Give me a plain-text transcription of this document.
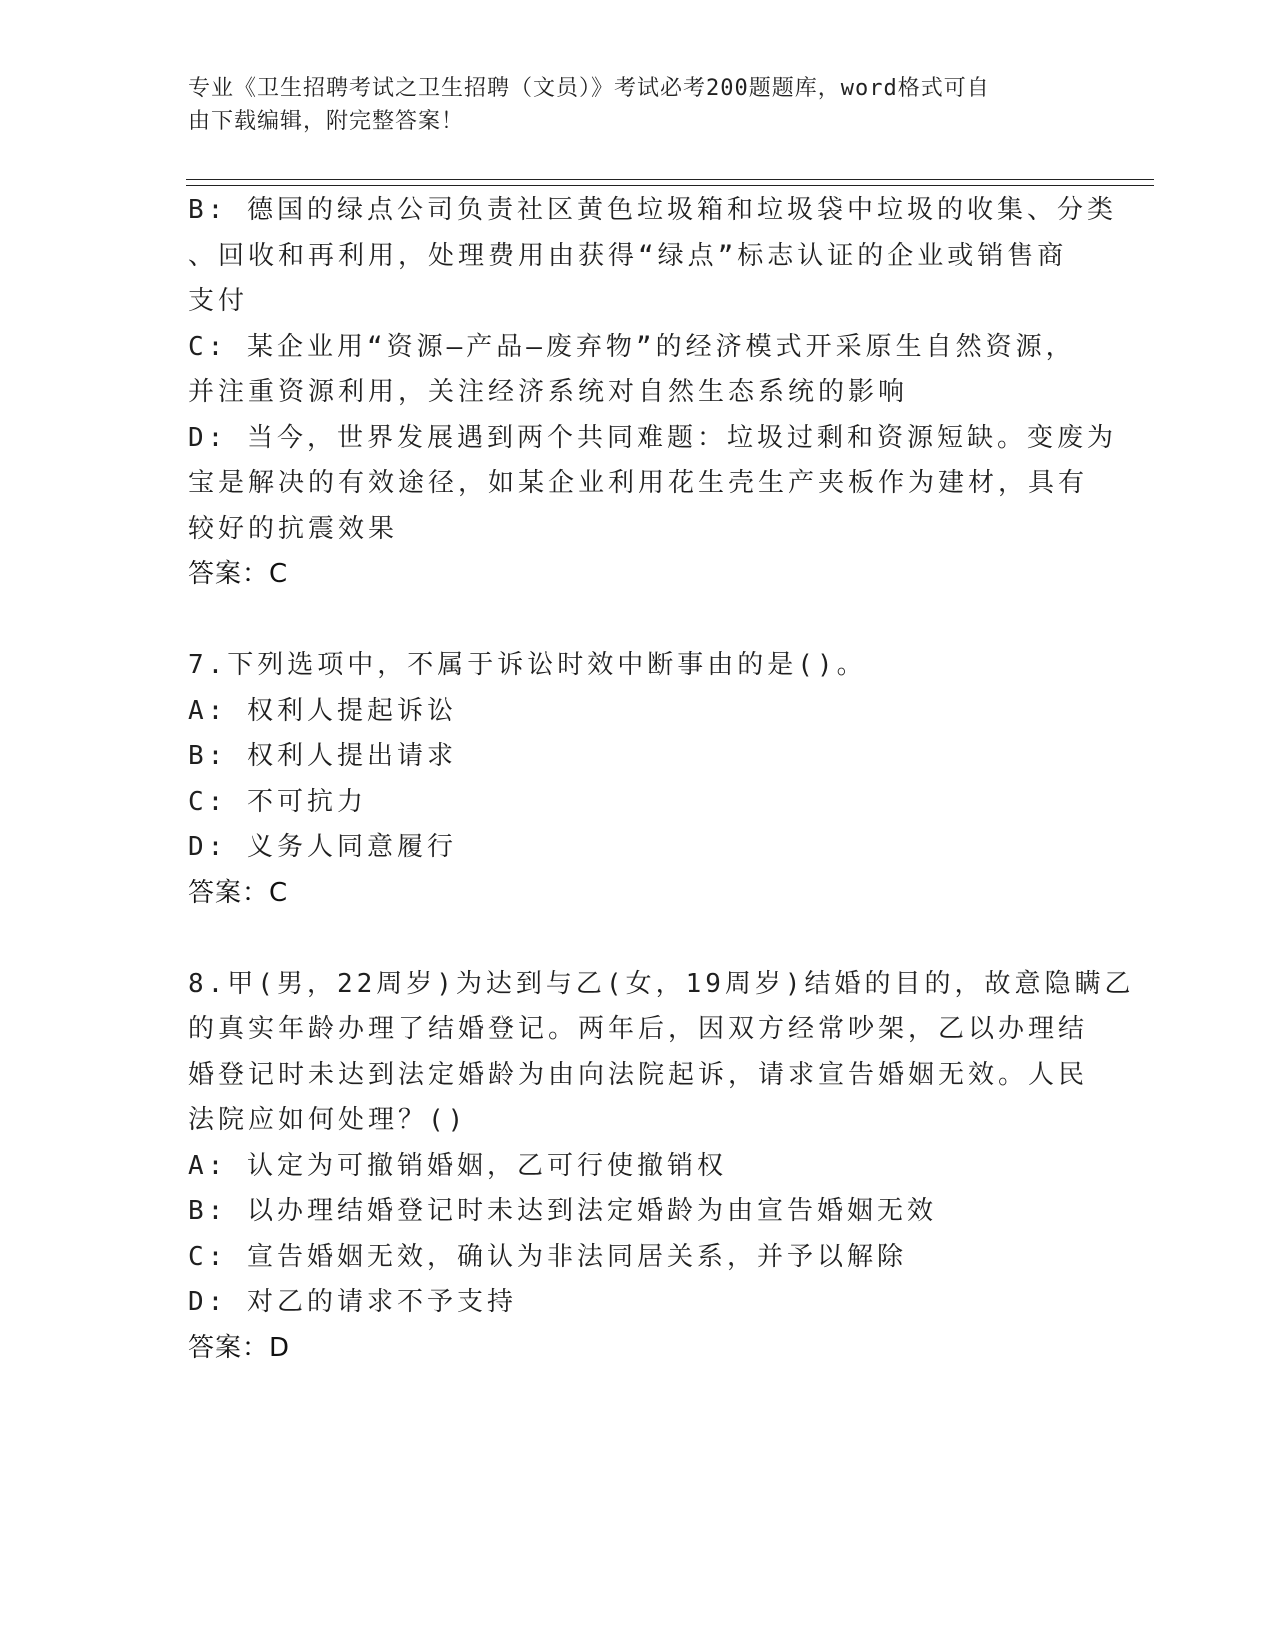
专业《卫生招聘考试之卫生招聘（文员）》考试必考200题题库，word格式可自
由下载编辑，附完整答案！
B: 德国的绿点公司负责社区黄色垃圾箱和垃圾袋中垃圾的收集、分类
、回收和再利用，处理费用由获得“绿点”标志认证的企业或销售商
支付
C: 某企业用“资源—产品—废弃物”的经济模式开采原生自然资源，
并注重资源利用，关注经济系统对自然生态系统的影响
D: 当今，世界发展遇到两个共同难题：垃圾过剩和资源短缺。变废为
宝是解决的有效途径，如某企业利用花生壳生产夹板作为建材，具有
较好的抗震效果
答案：C
7.下列选项中，不属于诉讼时效中断事由的是()。
A: 权利人提起诉讼
B: 权利人提出请求
C: 不可抗力
D: 义务人同意履行
答案：C
8.甲(男，22周岁)为达到与乙(女，19周岁)结婚的目的，故意隐瞒乙
的真实年龄办理了结婚登记。两年后，因双方经常吵架，乙以办理结
婚登记时未达到法定婚龄为由向法院起诉，请求宣告婚姻无效。人民
法院应如何处理？()
A: 认定为可撤销婚姻，乙可行使撤销权
B: 以办理结婚登记时未达到法定婚龄为由宣告婚姻无效
C: 宣告婚姻无效，确认为非法同居关系，并予以解除
D: 对乙的请求不予支持
答案：D
